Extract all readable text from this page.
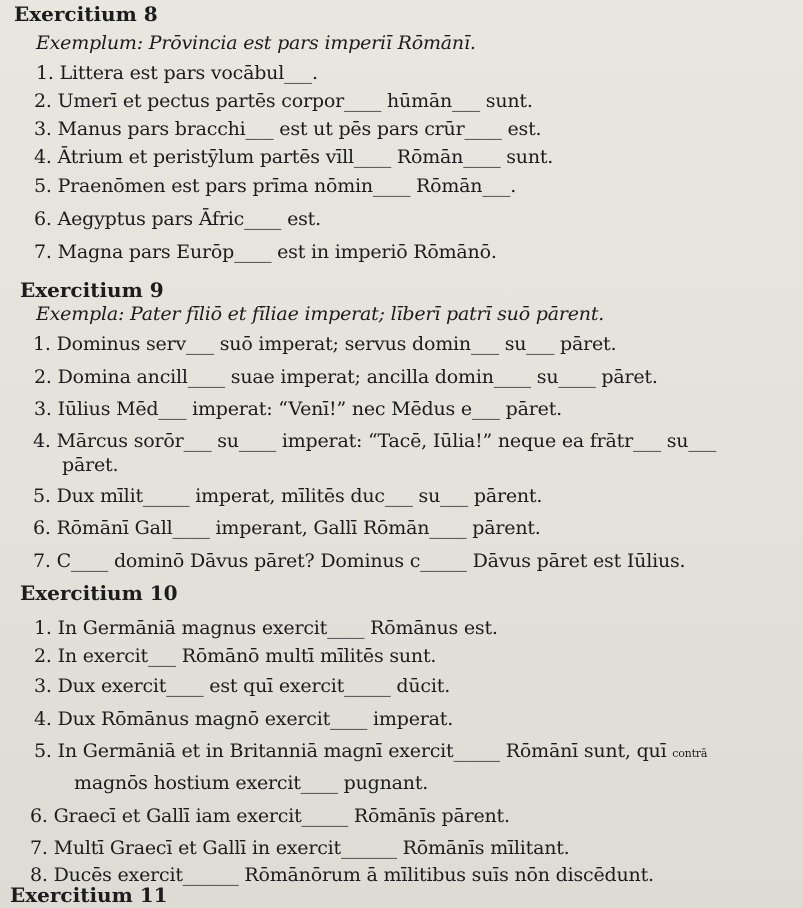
Exercitium 8
Exemplum: Prōvincia est pars imperiī Rōmānī.
1. Littera est pars vocābul___.
2. Umerī et pectus partēs corpor____ hūmān___ sunt.
3. Manus pars bracchi___ est ut pēs pars crūr____ est.
4. Ātrium et peristȳlum partēs vīll____ Rōmān____ sunt.
5. Praenōmen est pars prīma nōmin____ Rōmān___.
6. Aegyptus pars Āfric____ est.
7. Magna pars Eurōp____ est in imperiō Rōmānō.
Exercitium 9
Exempla: Pater fīliō et fīliae imperat; līberī patrī suō pārent.
1. Dominus serv___ suō imperat; servus domin___ su___ pāret.
2. Domina ancill____ suae imperat; ancilla domin____ su____ pāret.
3. Iūlius Mēd___ imperat: “Venī!” nec Mēdus e___ pāret.
4. Mārcus sorōr___ su____ imperat: “Tacē, Iūlia!” neque ea frātr___ su___
pāret.
5. Dux mīlit_____ imperat, mīlitēs duc___ su___ pārent.
6. Rōmānī Gall____ imperant, Gallī Rōmān____ pārent.
7. C____ dominō Dāvus pāret? Dominus c_____ Dāvus pāret est Iūlius.
Exercitium 10
1. In Germāniā magnus exercit____ Rōmānus est.
2. In exercit___ Rōmānō multī mīlitēs sunt.
3. Dux exercit____ est quī exercit_____ dūcit.
4. Dux Rōmānus magnō exercit____ imperat.
5. In Germāniā et in Britanniā magnī exercit_____ Rōmānī sunt, quī contrā
magnōs hostium exercit____ pugnant.
6. Graecī et Gallī iam exercit_____ Rōmānīs pārent.
7. Multī Graecī et Gallī in exercit______ Rōmānīs mīlitant.
8. Ducēs exercit______ Rōmānōrum ā mīlitibus suīs nōn discēdunt.
Exercitium 11
